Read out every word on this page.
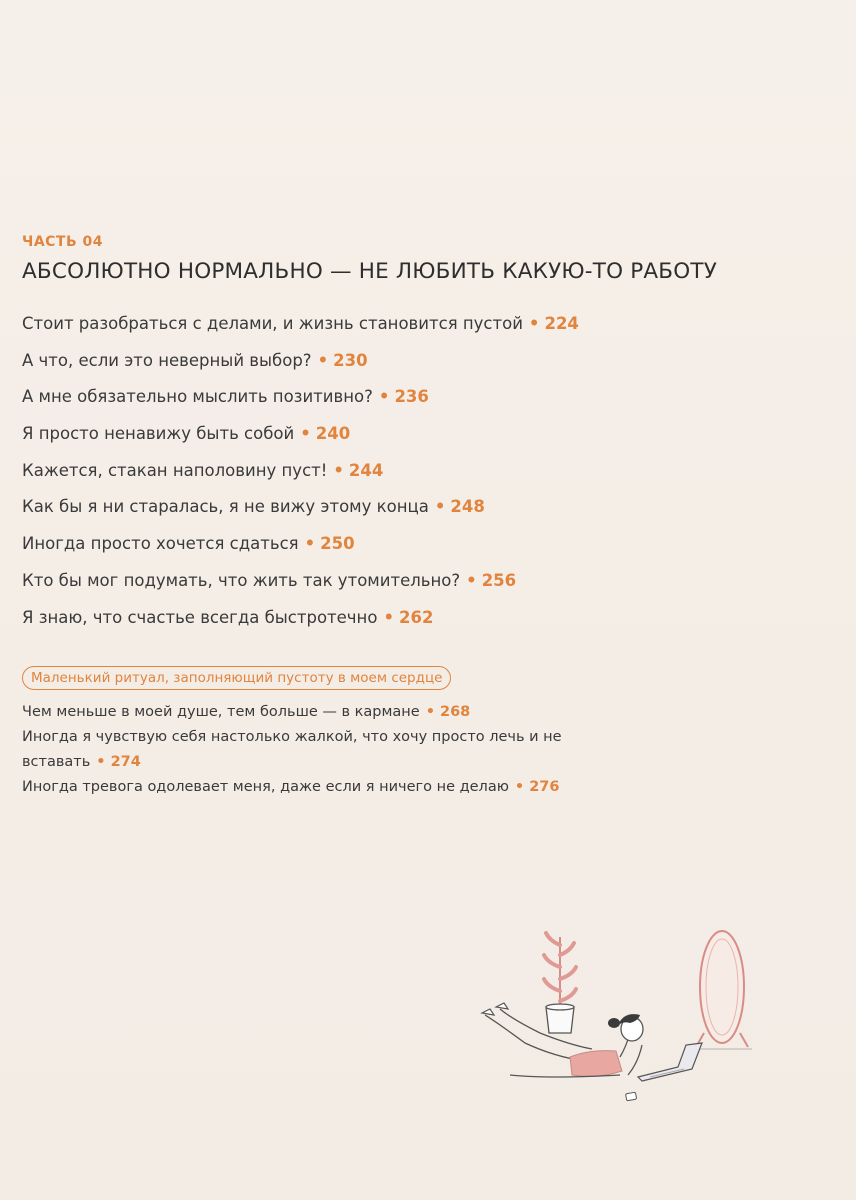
ЧАСТЬ 04
АБСОЛЮТНО НОРМАЛЬНО — НЕ ЛЮБИТЬ КАКУЮ-ТО РАБОТУ
Стоит разобраться с делами, и жизнь становится пустой • 224
А что, если это неверный выбор? • 230
А мне обязательно мыслить позитивно? • 236
Я просто ненавижу быть собой • 240
Кажется, стакан наполовину пуст! • 244
Как бы я ни старалась, я не вижу этому конца • 248
Иногда просто хочется сдаться • 250
Кто бы мог подумать, что жить так утомительно? • 256
Я знаю, что счастье всегда быстротечно • 262
Маленький ритуал, заполняющий пустоту в моем сердце
Чем меньше в моей душе, тем больше — в кармане • 268
Иногда я чувствую себя настолько жалкой, что хочу просто лечь и не вставать • 274
Иногда тревога одолевает меня, даже если я ничего не делаю • 276
